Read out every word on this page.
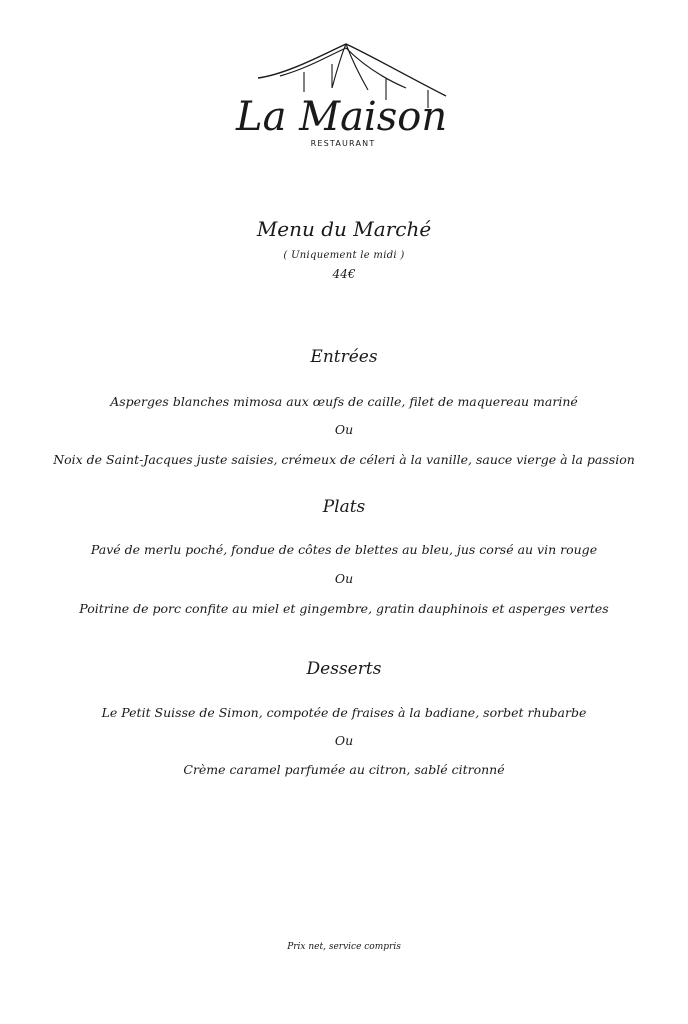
La Maison
RESTAURANT
Menu du Marché
( Uniquement le midi )
44€
Entrées
Asperges blanches mimosa aux œufs de caille, filet de maquereau mariné
Ou
Noix de Saint-Jacques juste saisies, crémeux de céleri à la vanille, sauce vierge à la passion
Plats
Pavé de merlu poché, fondue de côtes de blettes au bleu, jus corsé au vin rouge
Ou
Poitrine de porc confite au miel et gingembre, gratin dauphinois et asperges vertes
Desserts
Le Petit Suisse de Simon, compotée de fraises à la badiane, sorbet rhubarbe
Ou
Crème caramel parfumée au citron, sablé citronné
Prix net, service compris
